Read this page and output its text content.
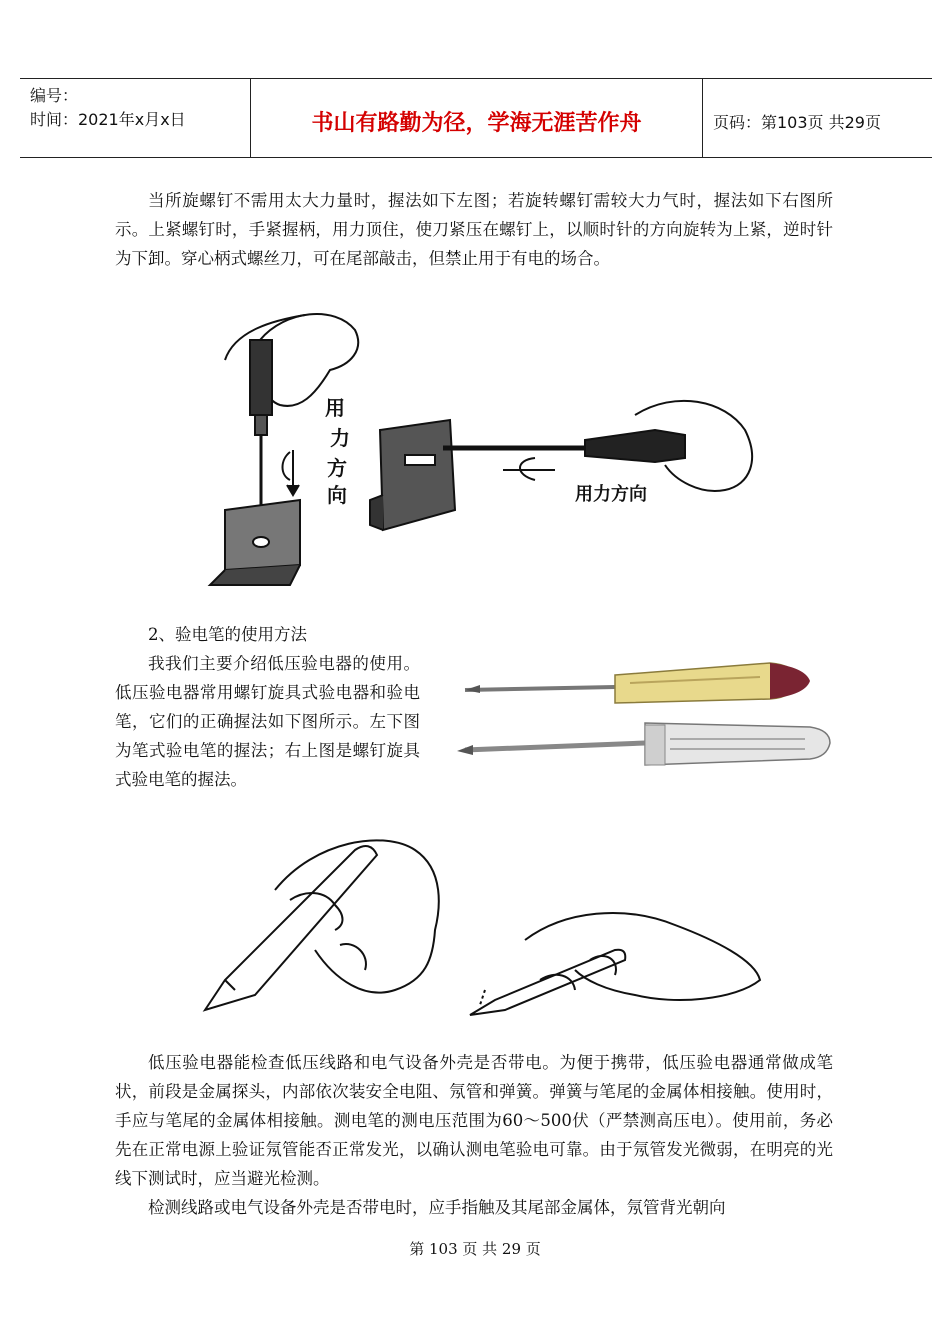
编号：
时间：2021年x月x日	书山有路勤为径，学海无涯苦作舟	页码：第103页 共29页

当所旋螺钉不需用太大力量时，握法如下左图；若旋转螺钉需较大力气时，握法如下右图所示。上紧螺钉时，手紧握柄，用力顶住，使刀紧压在螺钉上，以顺时针的方向旋转为上紧，逆时针为下卸。穿心柄式螺丝刀，可在尾部敲击，但禁止用于有电的场合。

用
力
方
向	用力方向

2、验电笔的使用方法

我我们主要介绍低压验电器的使用。低压验电器常用螺钉旋具式验电器和验电笔，它们的正确握法如下图所示。左下图为笔式验电笔的握法；右上图是螺钉旋具式验电笔的握法。

低压验电器能检查低压线路和电气设备外壳是否带电。为便于携带，低压验电器通常做成笔状，前段是金属探头，内部依次装安全电阻、氖管和弹簧。弹簧与笔尾的金属体相接触。使用时，手应与笔尾的金属体相接触。测电笔的测电压范围为60～500伏（严禁测高压电）。使用前，务必先在正常电源上验证氖管能否正常发光，以确认测电笔验电可靠。由于氖管发光微弱，在明亮的光线下测试时，应当避光检测。

检测线路或电气设备外壳是否带电时，应手指触及其尾部金属体，氖管背光朝向

第 103 页 共 29 页
